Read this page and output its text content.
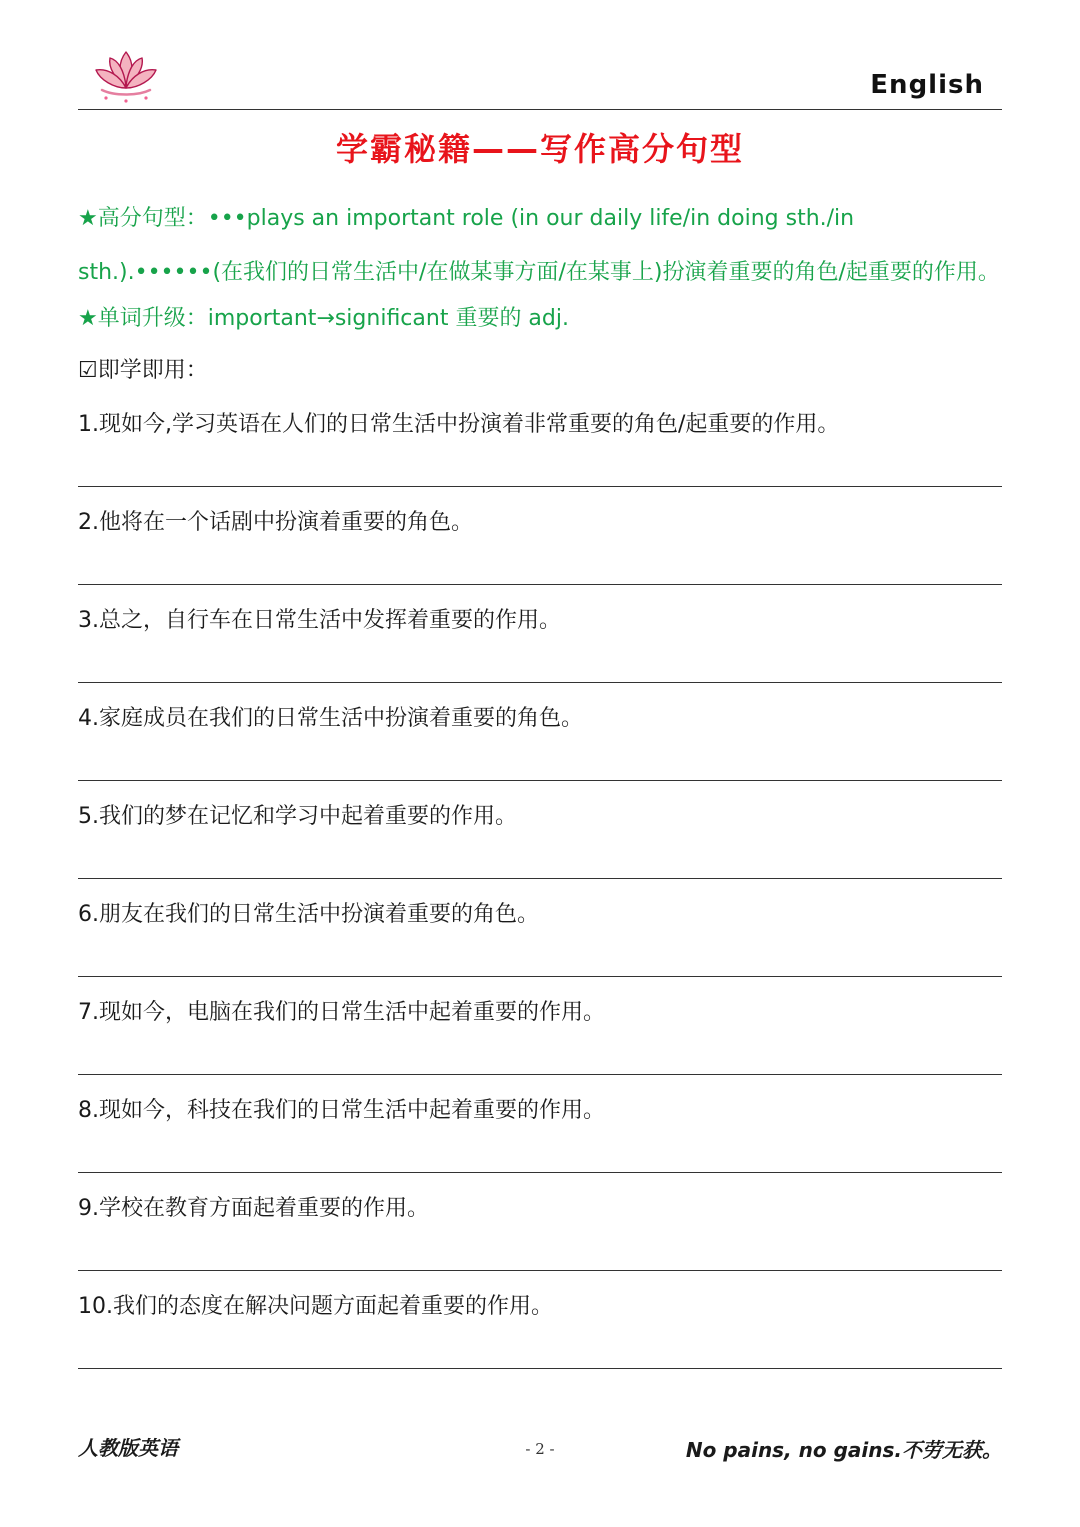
English
学霸秘籍——写作高分句型
★高分句型：•••plays an important role (in our daily life/in doing sth./in sth.).••••••(在我们的日常生活中/在做某事方面/在某事上)扮演着重要的角色/起重要的作用。
★单词升级：important→significant 重要的 adj.
☑即学即用：

1.现如今,学习英语在人们的日常生活中扮演着非常重要的角色/起重要的作用。

2.他将在一个话剧中扮演着重要的角色。

3.总之，自行车在日常生活中发挥着重要的作用。

4.家庭成员在我们的日常生活中扮演着重要的角色。

5.我们的梦在记忆和学习中起着重要的作用。

6.朋友在我们的日常生活中扮演着重要的角色。

7.现如今，电脑在我们的日常生活中起着重要的作用。

8.现如今，科技在我们的日常生活中起着重要的作用。

9.学校在教育方面起着重要的作用。

10.我们的态度在解决问题方面起着重要的作用。

人教版英语	- 2 -	No pains, no gains.不劳无获。
